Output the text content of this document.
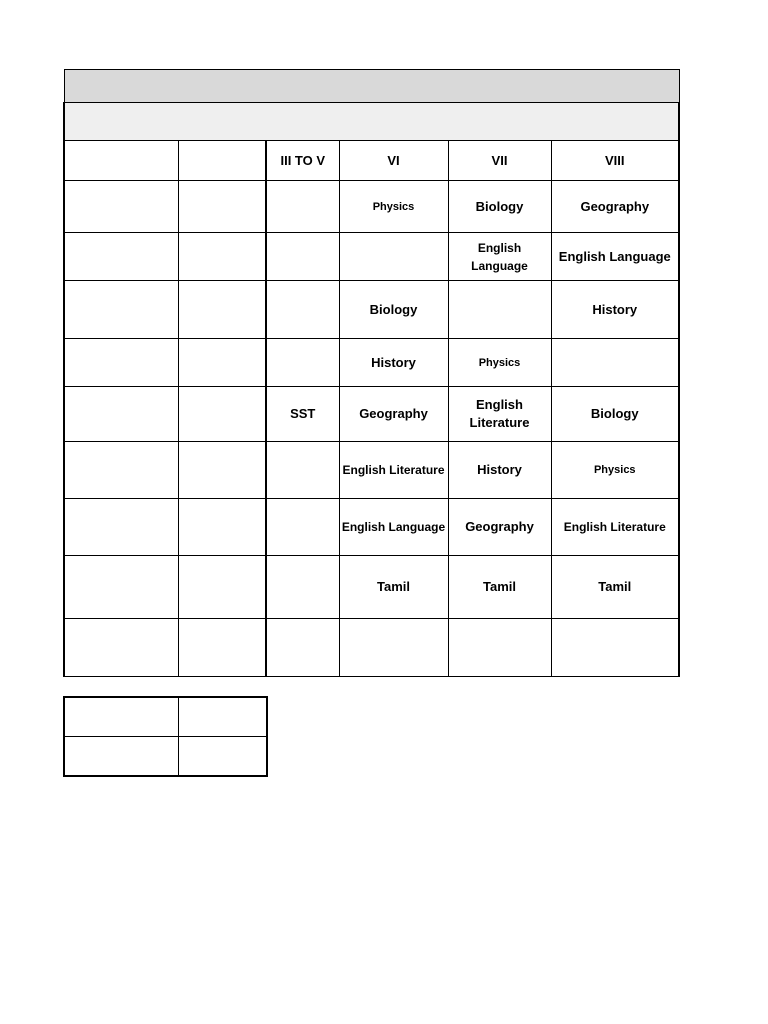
		III TO V	VI	VII	VIII
			Physics	Biology	Geography
				English Language	English Language
			Biology		History
			History	Physics	
		SST	Geography	English Literature	Biology
			English Literature	History	Physics
			English Language	Geography	English Literature
			Tamil	Tamil	Tamil
